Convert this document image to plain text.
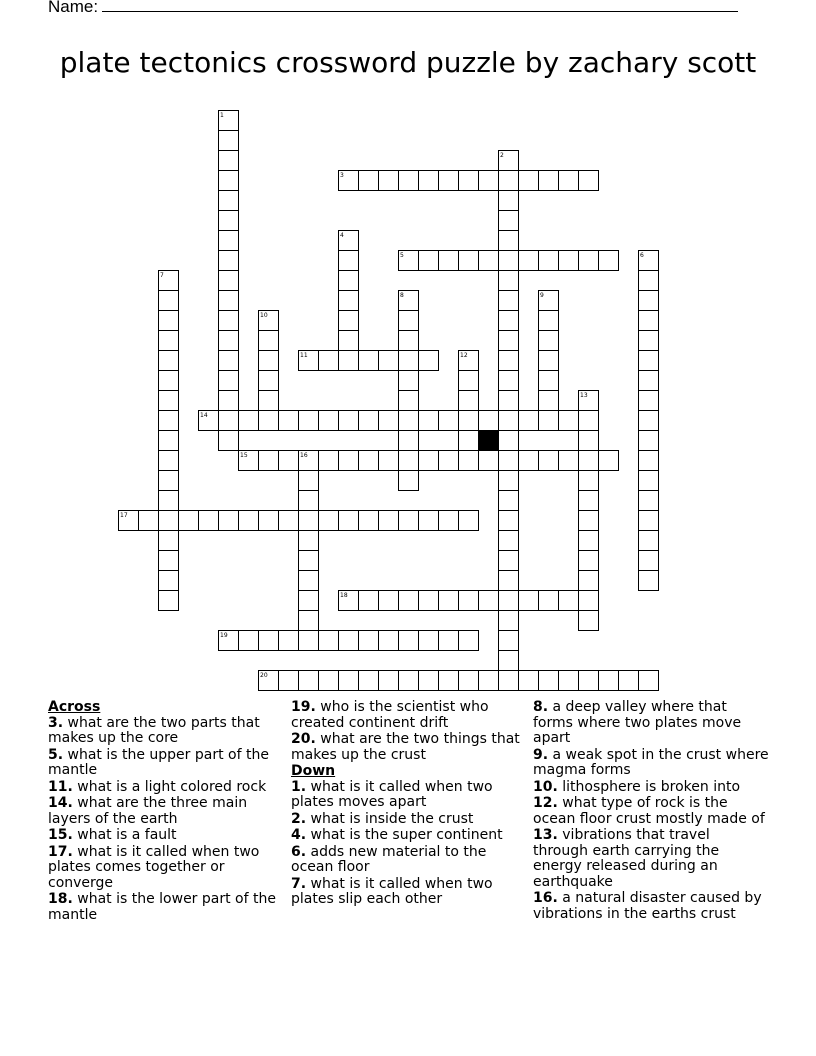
Name:
plate tectonics crossword puzzle by zachary scott
1
2
3
4
5	6
7
8	9
10
11	12
13
14
15	16
17
18
19
20
Across
3. what are the two parts that makes up the core
5. what is the upper part of the mantle
11. what is a light colored rock
14. what are the three main layers of the earth
15. what is a fault
17. what is it called when two plates comes together or converge
18. what is the lower part of the mantle
19. who is the scientist who created continent drift
20. what are the two things that makes up the crust
Down
1. what is it called when two plates moves apart
2. what is inside the crust
4. what is the super continent
6. adds new material to the ocean floor
7. what is it called when two plates slip each other
8. a deep valley where that forms where two plates move apart
9. a weak spot in the crust where magma forms
10. lithosphere is broken into
12. what type of rock is the ocean floor crust mostly made of
13. vibrations that travel through earth carrying the energy released during an earthquake
16. a natural disaster caused by vibrations in the earths crust
